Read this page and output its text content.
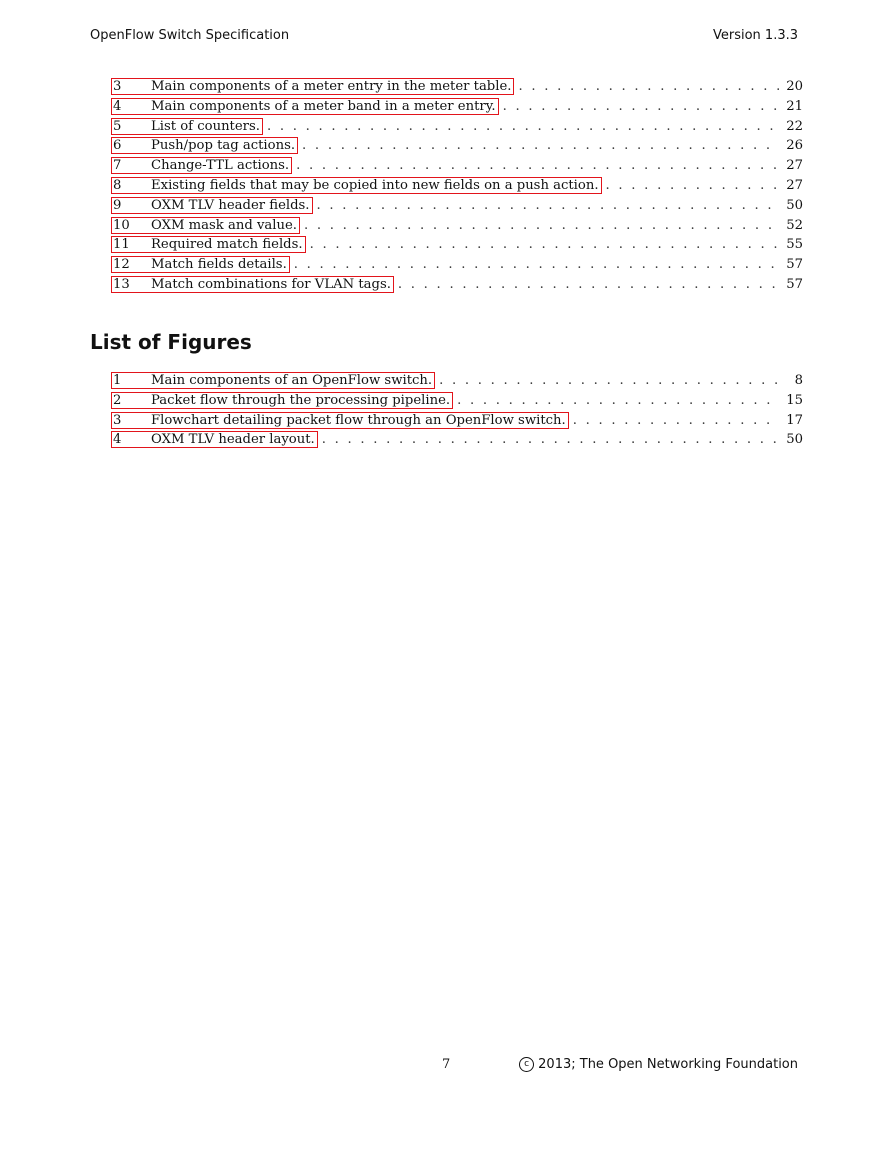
OpenFlow Switch Specification	Version 1.3.3
3	Main components of a meter entry in the meter table. . . .	20
4	Main components of a meter band in a meter entry. . . .	21
5	List of counters. . . .	22
6	Push/pop tag actions. . . .	26
7	Change-TTL actions. . . .	27
8	Existing fields that may be copied into new fields on a push action. . . .	27
9	OXM TLV header fields. . . .	50
10	OXM mask and value. . . .	52
11	Required match fields. . . .	55
12	Match fields details. . . .	57
13	Match combinations for VLAN tags. . . .	57
List of Figures
1	Main components of an OpenFlow switch. . . .	8
2	Packet flow through the processing pipeline. . . .	15
3	Flowchart detailing packet flow through an OpenFlow switch. . . .	17
4	OXM TLV header layout. . . .	50
7	c 2013; The Open Networking Foundation
